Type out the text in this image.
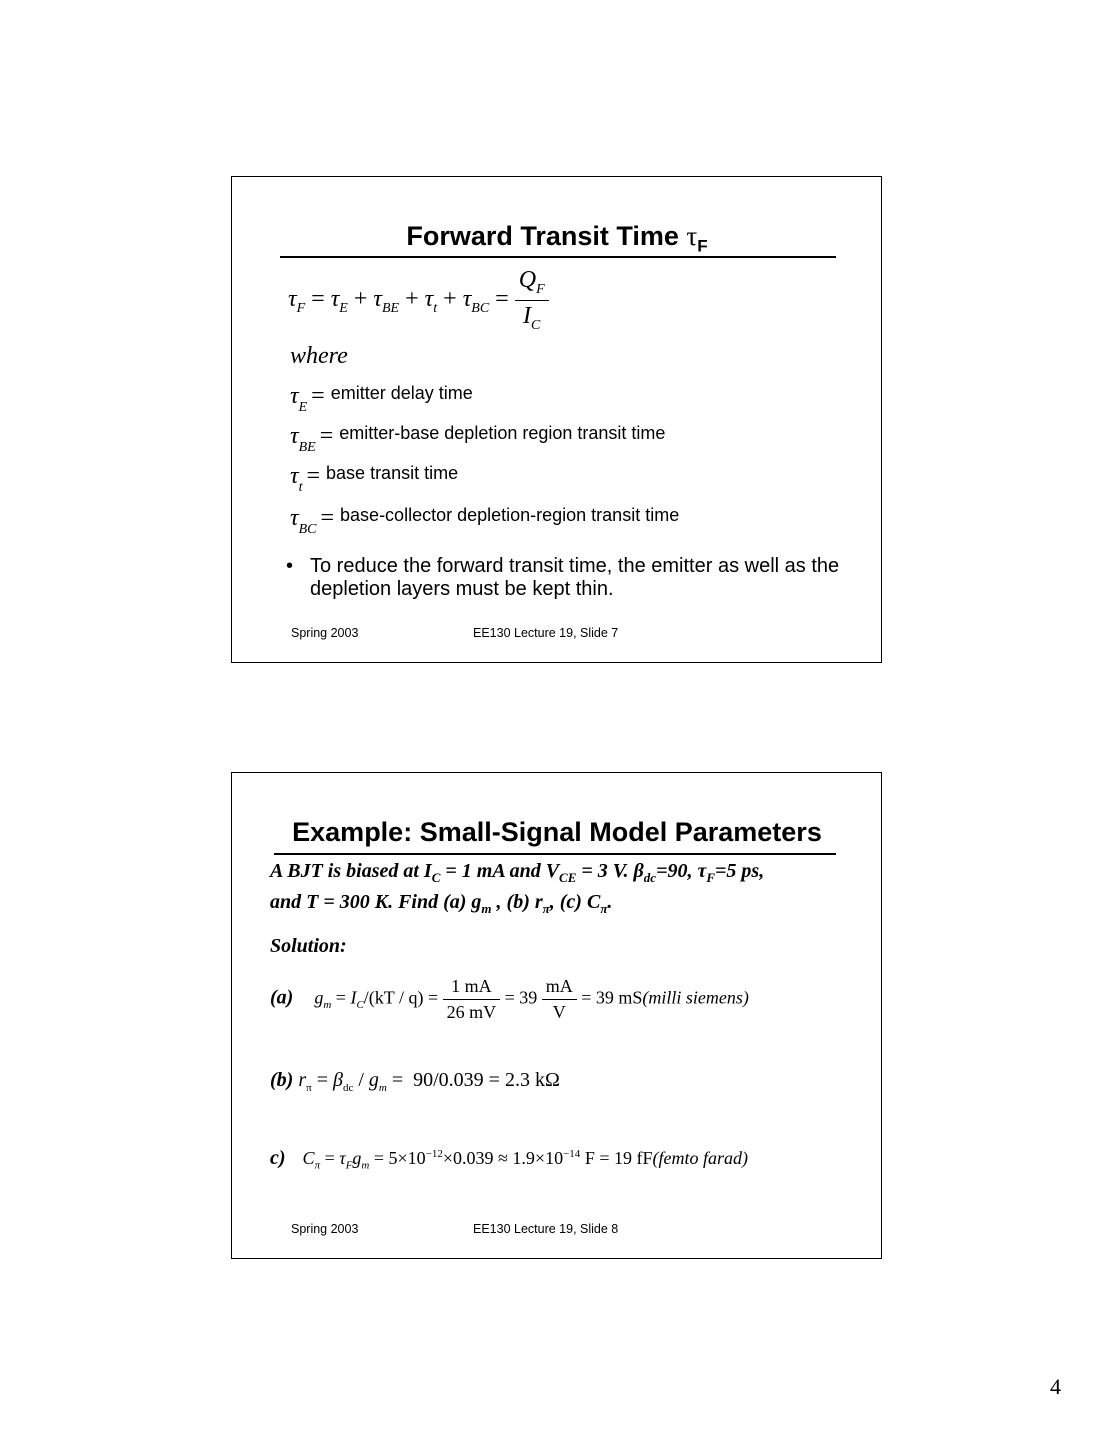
Forward Transit Time $\tau_F$
$\tau_F = \tau_E + \tau_{BE} + \tau_t + \tau_{BC} = \frac{Q_F}{I_C}$
where
$\tau_E$ = emitter delay time
$\tau_{BE}$ = emitter-base depletion region transit time
$\tau_t$ = base transit time
$\tau_{BC}$ = base-collector depletion-region transit time
• To reduce the forward transit time, the emitter as well as the depletion layers must be kept thin.
Spring 2003	EE130 Lecture 19, Slide 7
Example: Small-Signal Model Parameters
A BJT is biased at $I_C = 1$ mA and $V_{CE} = 3$ V. $\beta_{dc}=90$, $\tau_F=5$ ps,
and T = 300 K. Find (a) $g_m$ , (b) $r_\pi$, (c) $C_\pi$.
Solution:
(a) $g_m = I_C/(kT / q) = \frac{1 mA}{26 mV} = 39 \frac{mA}{V} = 39$ mS(milli siemens)
(b) $r_\pi = \beta_{dc} / g_m = 90/0.039 = 2.3$ kΩ
c) $C_\pi = \tau_Fg_m = 5\times 10^{-12}\times 0.039 \approx 1.9\times 10^{-14}$ F = 19 fF(femto farad)
Spring 2003	EE130 Lecture 19, Slide 8
4
